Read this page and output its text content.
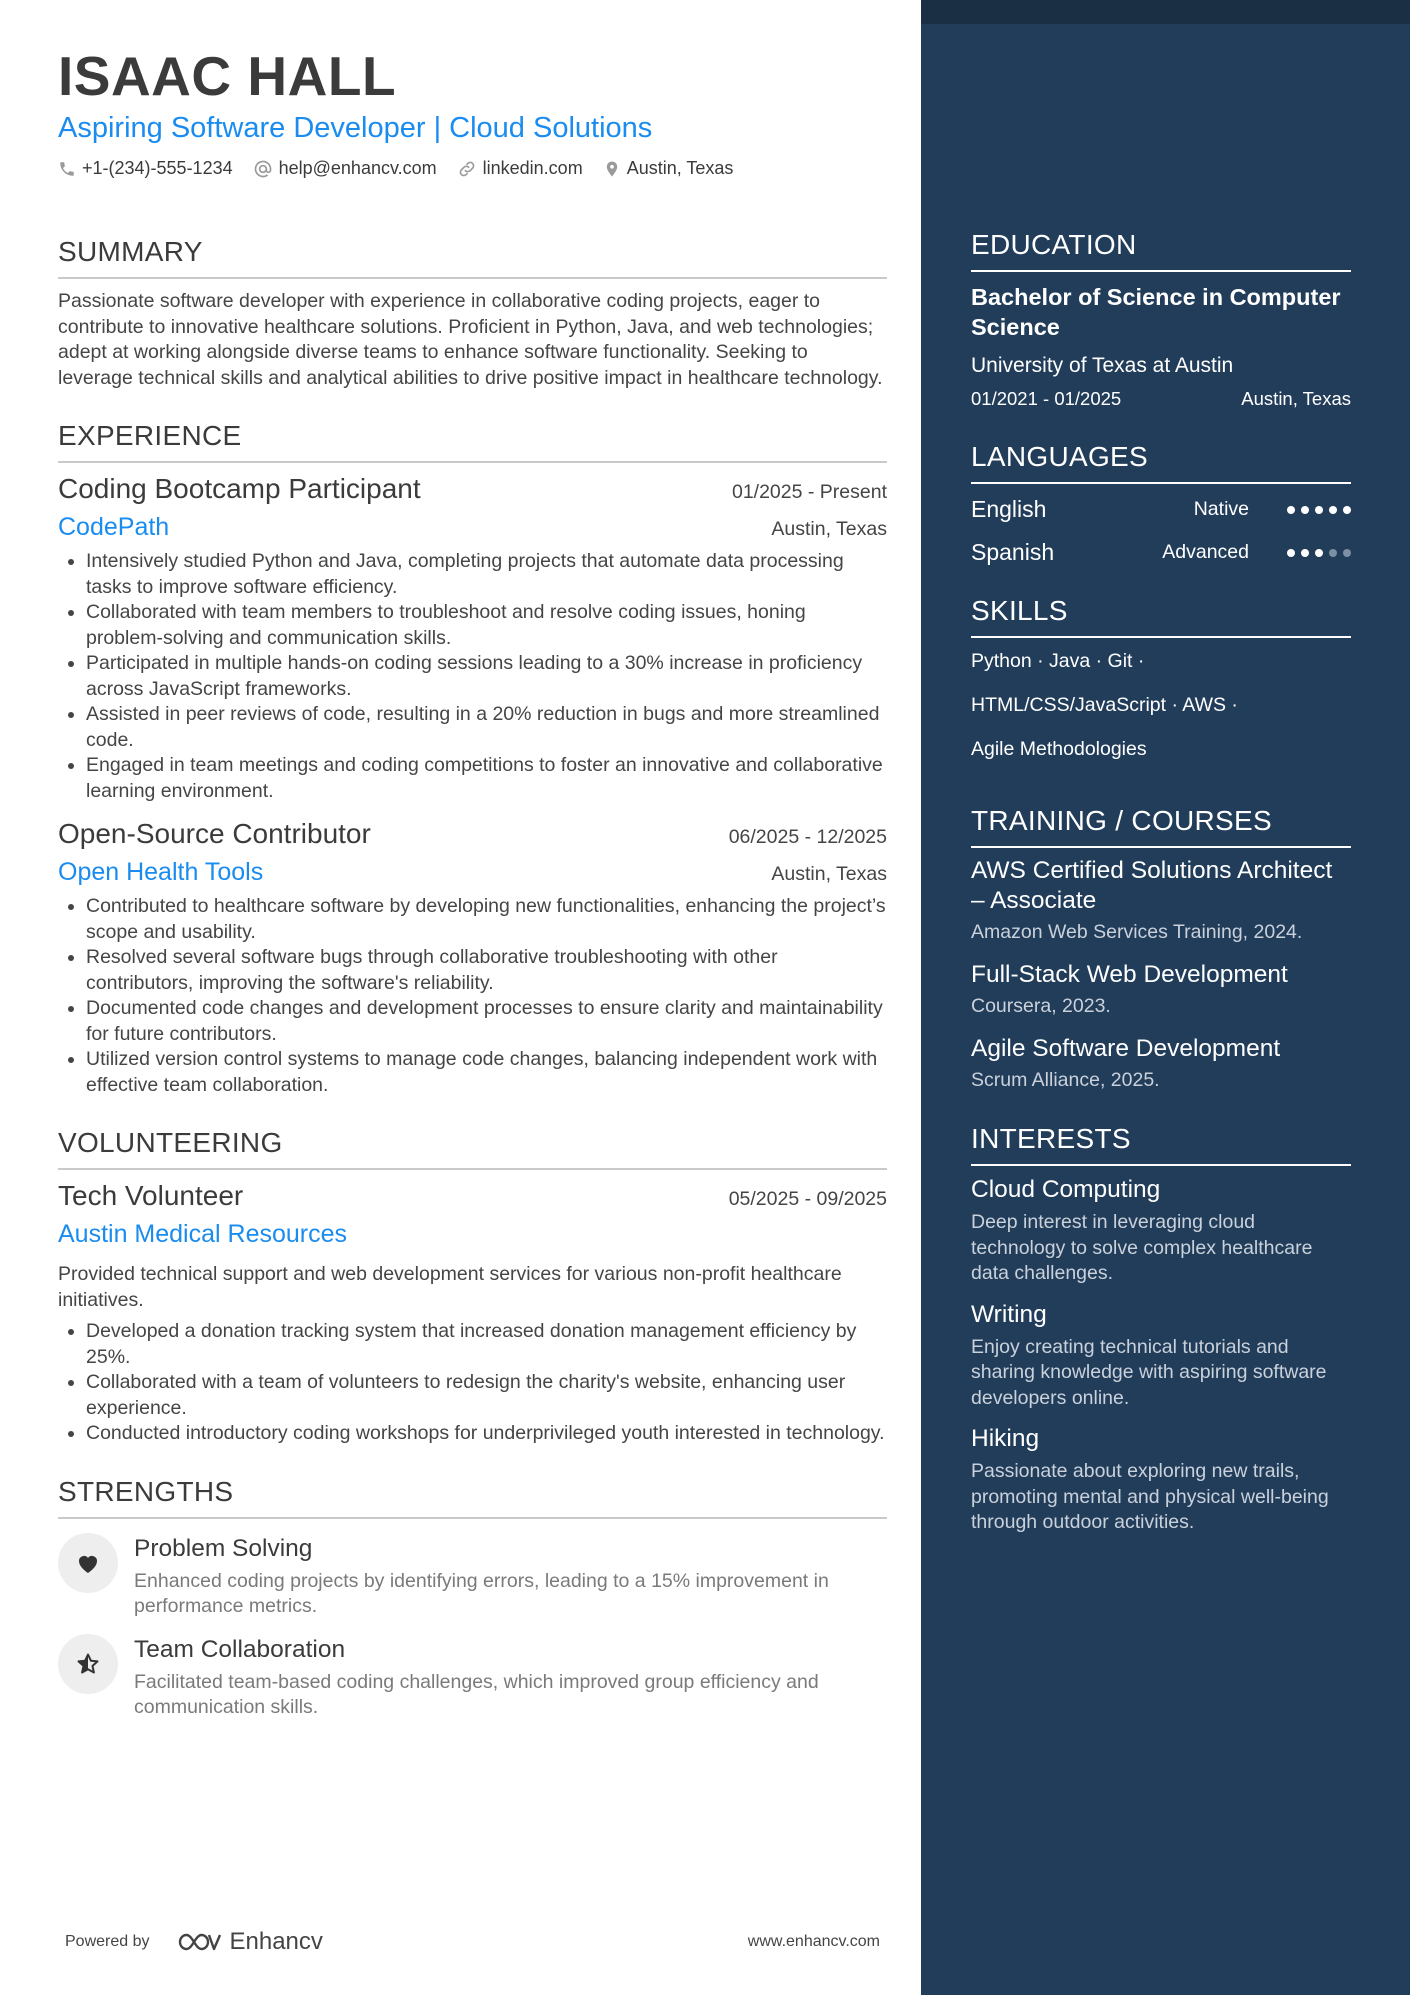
ISAAC HALL
Aspiring Software Developer | Cloud Solutions
+1-(234)-555-1234	help@enhancv.com	linkedin.com Austin, Texas
SUMMARY
Passionate software developer with experience in collaborative coding projects, eager to contribute to innovative healthcare solutions. Proficient in Python, Java, and web technologies; adept at working alongside diverse teams to enhance software functionality. Seeking to leverage technical skills and analytical abilities to drive positive impact in healthcare technology.
EXPERIENCE
Coding Bootcamp Participant	01/2025 - Present
CodePath	Austin, Texas
• Intensively studied Python and Java, completing projects that automate data processing tasks to improve software efficiency.
• Collaborated with team members to troubleshoot and resolve coding issues, honing problem-solving and communication skills.
• Participated in multiple hands-on coding sessions leading to a 30% increase in proficiency across JavaScript frameworks.
• Assisted in peer reviews of code, resulting in a 20% reduction in bugs and more streamlined code.
• Engaged in team meetings and coding competitions to foster an innovative and collaborative learning environment.
Open-Source Contributor	06/2025 - 12/2025
Open Health Tools	Austin, Texas
• Contributed to healthcare software by developing new functionalities, enhancing the project’s scope and usability.
• Resolved several software bugs through collaborative troubleshooting with other contributors, improving the software's reliability.
• Documented code changes and development processes to ensure clarity and maintainability for future contributors.
• Utilized version control systems to manage code changes, balancing independent work with effective team collaboration.
VOLUNTEERING
Tech Volunteer	05/2025 - 09/2025
Austin Medical Resources
Provided technical support and web development services for various non-profit healthcare initiatives.
• Developed a donation tracking system that increased donation management efficiency by 25%.
• Collaborated with a team of volunteers to redesign the charity's website, enhancing user experience.
• Conducted introductory coding workshops for underprivileged youth interested in technology.
STRENGTHS
Problem Solving
Enhanced coding projects by identifying errors, leading to a 15% improvement in performance metrics.
Team Collaboration
Facilitated team-based coding challenges, which improved group efficiency and communication skills.
Powered by	Enhancv	www.enhancv.com
EDUCATION
Bachelor of Science in Computer Science
University of Texas at Austin
01/2021 - 01/2025	Austin, Texas
LANGUAGES
English	Native
Spanish	Advanced
SKILLS
Python · Java · Git ·
HTML/CSS/JavaScript · AWS ·
Agile Methodologies
TRAINING / COURSES
AWS Certified Solutions Architect – Associate
Amazon Web Services Training, 2024.
Full-Stack Web Development
Coursera, 2023.
Agile Software Development
Scrum Alliance, 2025.
INTERESTS
Cloud Computing
Deep interest in leveraging cloud technology to solve complex healthcare data challenges.
Writing
Enjoy creating technical tutorials and sharing knowledge with aspiring software developers online.
Hiking
Passionate about exploring new trails, promoting mental and physical well-being through outdoor activities.
